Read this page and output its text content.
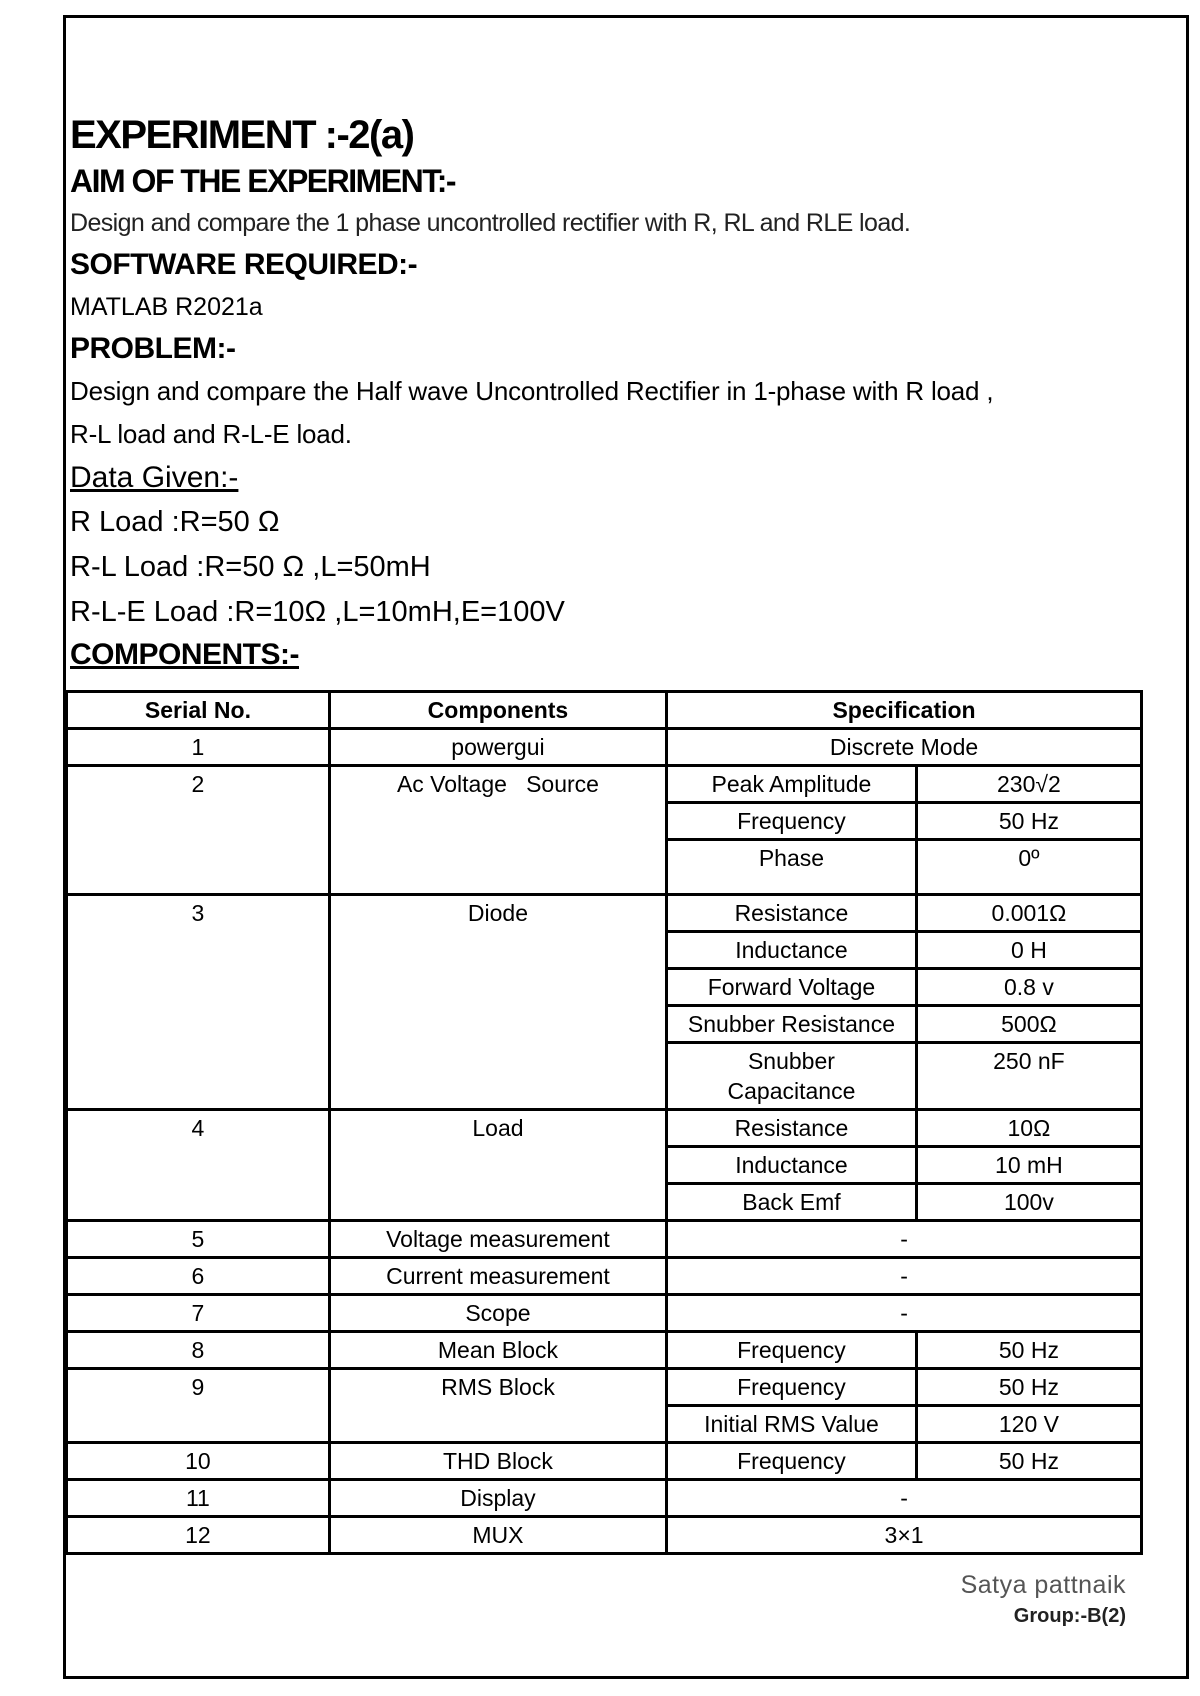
EXPERIMENT :-2(a)

AIM OF THE EXPERIMENT:-

Design and compare the 1 phase uncontrolled rectifier with R, RL and RLE load.

SOFTWARE REQUIRED:-

MATLAB R2021a

PROBLEM:-

Design and compare the Half wave Uncontrolled Rectifier in 1-phase with R load ,

R-L load and R-L-E load.

Data Given:-

R Load :R=50 Ω

R-L Load :R=50 Ω ,L=50mH

R-L-E Load :R=10Ω ,L=10mH,E=100V

COMPONENTS:-

Serial No.	Components	Specification	
1	powergui	Discrete Mode	
2	Ac Voltage   Source	Peak Amplitude	230√2
		Frequency	50 Hz
		Phase	0º
3	Diode	Resistance	0.001Ω
		Inductance	0 H
		Forward Voltage	0.8 v
		Snubber Resistance	500Ω
		Snubber Capacitance	250 nF
4	Load	Resistance	10Ω
		Inductance	10 mH
		Back Emf	100v
5	Voltage measurement	-	
6	Current measurement	-	
7	Scope	-	
8	Mean Block	Frequency	50 Hz
9	RMS Block	Frequency	50 Hz
		Initial RMS Value	120 V
10	THD Block	Frequency	50 Hz
11	Display	-	
12	MUX	3×1	
Satya pattnaik
Group:-B(2)
